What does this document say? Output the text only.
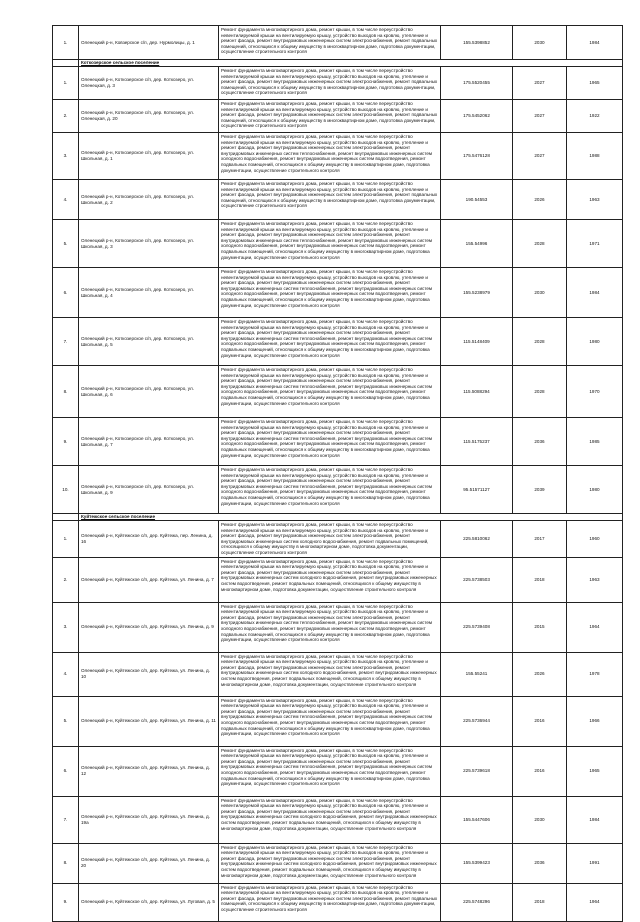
1.	Оленецкий р-н, Ковзерское с/п, дер. Нурмолицы, д. 1	Ремонт фундамента многоквартирного дома, ремонт крыши, в том числе переустройство невентилируемой крыши на вентилируемую крышу, устройство выходов на кровлю, утепление и ремонт фасада, ремонт внутридомовых инженерных систем электроснабжения, ремонт подвальных помещений, относящихся к общему имуществу в многоквартирном доме, подготовка документации, осуществление строительного контроля	155.5398852	2030	1984
	Коткозерское сельское поселение				
1.	Оленецкий р-н, Коткозерское с/п, дер. Коткозеро, ул. Оленецкая, д. 3	Ремонт фундамента многоквартирного дома, ремонт крыши, в том числе переустройство невентилируемой крыши на вентилируемую крышу, устройство выходов на кровлю, утепление и ремонт фасада, ремонт внутридомовых инженерных систем электроснабжения, ремонт подвальных помещений, относящихся к общему имуществу в многоквартирном доме, подготовка документации, осуществление строительного контроля	175.5520455	2027	1965
2.	Оленецкий р-н, Коткозерское с/п, дер. Коткозеро, ул. Оленецкая, д. 20	Ремонт фундамента многоквартирного дома, ремонт крыши, в том числе переустройство невентилируемой крыши на вентилируемую крышу, устройство выходов на кровлю, утепление и ремонт фасада, ремонт внутридомовых инженерных систем электроснабжения, ремонт подвальных помещений, относящихся к общему имуществу в многоквартирном доме, подготовка документации, осуществление строительного контроля	175.5452062	2027	1922
3.	Оленецкий р-н, Коткозерское с/п, дер. Коткозеро, ул. Школьная, д. 1	Ремонт фундамента многоквартирного дома, ремонт крыши, в том числе переустройство невентилируемой крыши на вентилируемую крышу, устройство выходов на кровлю, утепление и ремонт фасада, ремонт внутридомовых инженерных систем электроснабжения, ремонт внутридомовых инженерных систем теплоснабжения, ремонт внутридомовых инженерных систем холодного водоснабжения, ремонт внутридомовых инженерных систем водоотведения, ремонт подвальных помещений, относящихся к общему имуществу в многоквартирном доме, подготовка документации, осуществление строительного контроля	175.5476128	2027	1988
4.	Оленецкий р-н, Коткозерское с/п, дер. Коткозеро, ул. Школьная, д. 2	Ремонт фундамента многоквартирного дома, ремонт крыши, в том числе переустройство невентилируемой крыши на вентилируемую крышу, устройство выходов на кровлю, утепление и ремонт фасада, ремонт внутридомовых инженерных систем электроснабжения, ремонт подвальных помещений, относящихся к общему имуществу в многоквартирном доме, подготовка документации, осуществление строительного контроля	190.54553	2026	1963
5.	Оленецкий р-н, Коткозерское с/п, дер. Коткозеро, ул. Школьная, д. 3	Ремонт фундамента многоквартирного дома, ремонт крыши, в том числе переустройство невентилируемой крыши на вентилируемую крышу, устройство выходов на кровлю, утепление и ремонт фасада, ремонт внутридомовых инженерных систем электроснабжения, ремонт внутридомовых инженерных систем теплоснабжения, ремонт внутридомовых инженерных систем холодного водоснабжения, ремонт внутридомовых инженерных систем водоотведения, ремонт подвальных помещений, относящихся к общему имуществу в многоквартирном доме, подготовка документации, осуществление строительного контроля	155.54996	2028	1971
6.	Оленецкий р-н, Коткозерское с/п, дер. Коткозеро, ул. Школьная, д. 4	Ремонт фундамента многоквартирного дома, ремонт крыши, в том числе переустройство невентилируемой крыши на вентилируемую крышу, устройство выходов на кровлю, утепление и ремонт фасада, ремонт внутридомовых инженерных систем электроснабжения, ремонт внутридомовых инженерных систем теплоснабжения, ремонт внутридомовых инженерных систем холодного водоснабжения, ремонт внутридомовых инженерных систем водоотведения, ремонт подвальных помещений, относящихся к общему имуществу в многоквартирном доме, подготовка документации, осуществление строительного контроля	155.5238979	2030	1984
7.	Оленецкий р-н, Коткозерское с/п, дер. Коткозеро, ул. Школьная, д. 5	Ремонт фундамента многоквартирного дома, ремонт крыши, в том числе переустройство невентилируемой крыши на вентилируемую крышу, устройство выходов на кровлю, утепление и ремонт фасада, ремонт внутридомовых инженерных систем электроснабжения, ремонт внутридомовых инженерных систем теплоснабжения, ремонт внутридомовых инженерных систем холодного водоснабжения, ремонт внутридомовых инженерных систем водоотведения, ремонт подвальных помещений, относящихся к общему имуществу в многоквартирном доме, подготовка документации, осуществление строительного контроля	115.5148409	2028	1980
8.	Оленецкий р-н, Коткозерское с/п, дер. Коткозеро, ул. Школьная, д. 6	Ремонт фундамента многоквартирного дома, ремонт крыши, в том числе переустройство невентилируемой крыши на вентилируемую крышу, устройство выходов на кровлю, утепление и ремонт фасада, ремонт внутридомовых инженерных систем электроснабжения, ремонт внутридомовых инженерных систем теплоснабжения, ремонт внутридомовых инженерных систем холодного водоснабжения, ремонт внутридомовых инженерных систем водоотведения, ремонт подвальных помещений, относящихся к общему имуществу в многоквартирном доме, подготовка документации, осуществление строительного контроля	115.5088294	2028	1970
9.	Оленецкий р-н, Коткозерское с/п, дер. Коткозеро, ул. Школьная, д. 7	Ремонт фундамента многоквартирного дома, ремонт крыши, в том числе переустройство невентилируемой крыши на вентилируемую крышу, устройство выходов на кровлю, утепление и ремонт фасада, ремонт внутридомовых инженерных систем электроснабжения, ремонт внутридомовых инженерных систем теплоснабжения, ремонт внутридомовых инженерных систем холодного водоснабжения, ремонт внутридомовых инженерных систем водоотведения, ремонт подвальных помещений, относящихся к общему имуществу в многоквартирном доме, подготовка документации, осуществление строительного контроля	115.5175237	2036	1985
10.	Оленецкий р-н, Коткозерское с/п, дер. Коткозеро, ул. Школьная, д. 9	Ремонт фундамента многоквартирного дома, ремонт крыши, в том числе переустройство невентилируемой крыши на вентилируемую крышу, устройство выходов на кровлю, утепление и ремонт фасада, ремонт внутридомовых инженерных систем электроснабжения, ремонт внутридомовых инженерных систем теплоснабжения, ремонт внутридомовых инженерных систем холодного водоснабжения, ремонт внутридомовых инженерных систем водоотведения, ремонт подвальных помещений, относящихся к общему имуществу в многоквартирном доме, подготовка документации, осуществление строительного контроля	95.51571127	2039	1980
	Куйтежское сельское поселение				
1.	Оленецкий р-н, Куйтежское с/п, дер. Куйтежа, пер. Ленина, д. 16	Ремонт фундамента многоквартирного дома, ремонт крыши, в том числе переустройство невентилируемой крыши на вентилируемую крышу, устройство выходов на кровлю, утепление и ремонт фасада, ремонт внутридомовых инженерных систем электроснабжения, ремонт внутридомовых инженерных систем холодного водоснабжения, ремонт подвальных помещений, относящихся к общему имуществу в многоквартирном доме, подготовка документации, осуществление строительного контроля	225.5810062	2017	1960
2.	Оленецкий р-н, Куйтежское с/п, дер. Куйтежа, ул. Ленина, д. 7	Ремонт фундамента многоквартирного дома, ремонт крыши, в том числе переустройство невентилируемой крыши на вентилируемую крышу, устройство выходов на кровлю, утепление и ремонт фасада, ремонт внутридомовых инженерных систем электроснабжения, ремонт внутридомовых инженерных систем холодного водоснабжения, ремонт внутридомовых инженерных систем водоотведения, ремонт подвальных помещений, относящихся к общему имуществу в многоквартирном доме, подготовка документации, осуществление строительного контроля	225.5738503	2018	1963
3.	Оленецкий р-н, Куйтежское с/п, дер. Куйтежа, ул. Ленина, д. 9	Ремонт фундамента многоквартирного дома, ремонт крыши, в том числе переустройство невентилируемой крыши на вентилируемую крышу, устройство выходов на кровлю, утепление и ремонт фасада, ремонт внутридомовых инженерных систем электроснабжения, ремонт внутридомовых инженерных систем теплоснабжения, ремонт внутридомовых инженерных систем холодного водоснабжения, ремонт внутридомовых инженерных систем водоотведения, ремонт подвальных помещений, относящихся к общему имуществу в многоквартирном доме, подготовка документации, осуществление строительного контроля	225.5739408	2015	1964
4.	Оленецкий р-н, Куйтежское с/п, дер. Куйтежа, ул. Ленина, д. 10	Ремонт фундамента многоквартирного дома, ремонт крыши, в том числе переустройство невентилируемой крыши на вентилируемую крышу, устройство выходов на кровлю, утепление и ремонт фасада, ремонт внутридомовых инженерных систем электроснабжения, ремонт внутридомовых инженерных систем холодного водоснабжения, ремонт внутридомовых инженерных систем водоотведения, ремонт подвальных помещений, относящихся к общему имуществу в многоквартирном доме, подготовка документации, осуществление строительного контроля	155.55241	2026	1978
5.	Оленецкий р-н, Куйтежское с/п, дер. Куйтежа, ул. Ленина, д. 11	Ремонт фундамента многоквартирного дома, ремонт крыши, в том числе переустройство невентилируемой крыши на вентилируемую крышу, устройство выходов на кровлю, утепление и ремонт фасада, ремонт внутридомовых инженерных систем электроснабжения, ремонт внутридомовых инженерных систем теплоснабжения, ремонт внутридомовых инженерных систем холодного водоснабжения, ремонт внутридомовых инженерных систем водоотведения, ремонт подвальных помещений, относящихся к общему имуществу в многоквартирном доме, подготовка документации, осуществление строительного контроля	225.5736944	2016	1966
6.	Оленецкий р-н, Куйтежское с/п, дер. Куйтежа, ул. Ленина, д. 12	Ремонт фундамента многоквартирного дома, ремонт крыши, в том числе переустройство невентилируемой крыши на вентилируемую крышу, устройство выходов на кровлю, утепление и ремонт фасада, ремонт внутридомовых инженерных систем электроснабжения, ремонт внутридомовых инженерных систем теплоснабжения, ремонт внутридомовых инженерных систем холодного водоснабжения, ремонт внутридомовых инженерных систем водоотведения, ремонт подвальных помещений, относящихся к общему имуществу в многоквартирном доме, подготовка документации, осуществление строительного контроля	225.5739618	2016	1965
7.	Оленецкий р-н, Куйтежское с/п, дер. Куйтежа, ул. Ленина, д. 19а	Ремонт фундамента многоквартирного дома, ремонт крыши, в том числе переустройство невентилируемой крыши на вентилируемую крышу, устройство выходов на кровлю, утепление и ремонт фасада, ремонт внутридомовых инженерных систем электроснабжения, ремонт внутридомовых инженерных систем холодного водоснабжения, ремонт внутридомовых инженерных систем водоотведения, ремонт подвальных помещений, относящихся к общему имуществу в многоквартирном доме, подготовка документации, осуществление строительного контроля	155.5447606	2030	1984
8.	Оленецкий р-н, Куйтежское с/п, дер. Куйтежа, ул. Ленина, д. 20	Ремонт фундамента многоквартирного дома, ремонт крыши, в том числе переустройство невентилируемой крыши на вентилируемую крышу, устройство выходов на кровлю, утепление и ремонт фасада, ремонт внутридомовых инженерных систем электроснабжения, ремонт внутридомовых инженерных систем холодного водоснабжения, ремонт внутридомовых инженерных систем водоотведения, ремонт подвальных помещений, относящихся к общему имуществу в многоквартирном доме, подготовка документации, осуществление строительного контроля	155.5399423	2036	1991
9.	Оленецкий р-н, Куйтежское с/п, дер. Куйтежа, ул. Луговая, д. 5	Ремонт фундамента многоквартирного дома, ремонт крыши, в том числе переустройство невентилируемой крыши на вентилируемую крышу, устройство выходов на кровлю, утепление и ремонт фасада, ремонт внутридомовых инженерных систем электроснабжения, ремонт подвальных помещений, относящихся к общему имуществу в многоквартирном доме, подготовка документации, осуществление строительного контроля	225.5748296	2018	1964
